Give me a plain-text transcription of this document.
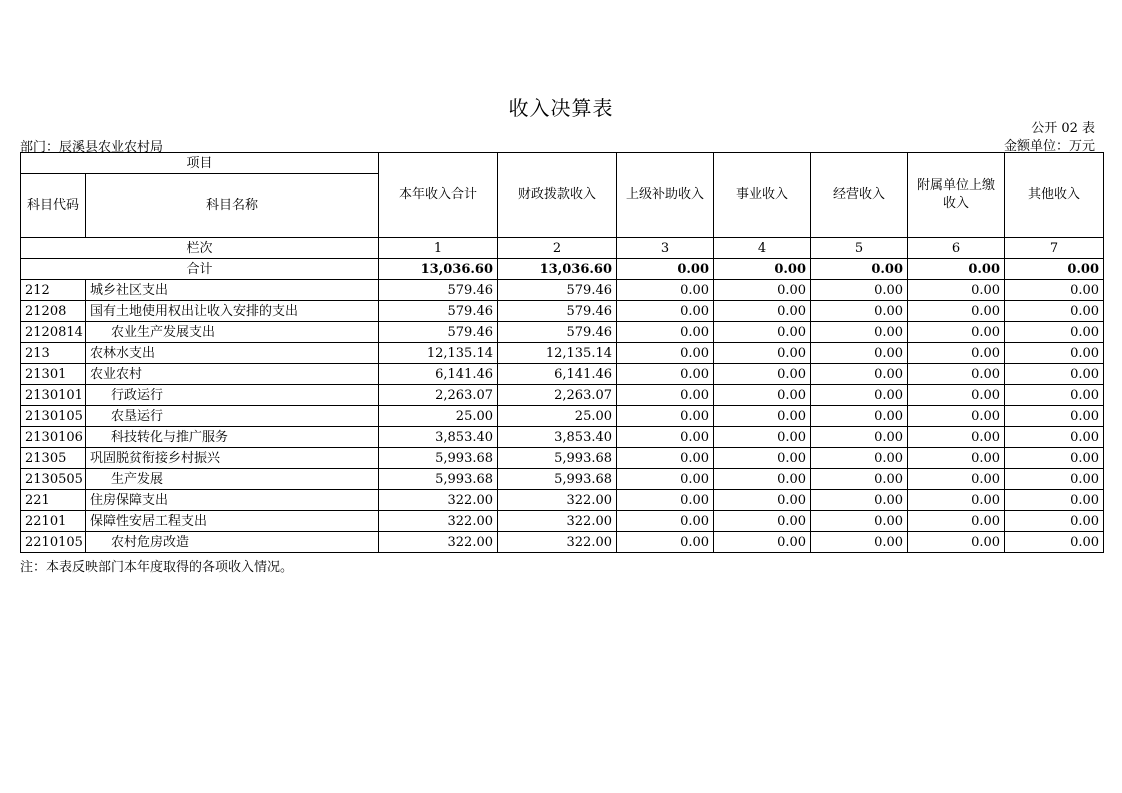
收入决算表
公开 02 表
部门：辰溪县农业农村局	金额单位：万元
项目		本年收入合计	财政拨款收入	上级补助收入	事业收入	经营收入	附属单位上缴收入	其他收入
科目代码	科目名称							
栏次		1	2	3	4	5	6	7
合计		13,036.60	13,036.60	0.00	0.00	0.00	0.00	0.00
212	城乡社区支出	579.46	579.46	0.00	0.00	0.00	0.00	0.00
21208	国有土地使用权出让收入安排的支出	579.46	579.46	0.00	0.00	0.00	0.00	0.00
2120814	农业生产发展支出	579.46	579.46	0.00	0.00	0.00	0.00	0.00
213	农林水支出	12,135.14	12,135.14	0.00	0.00	0.00	0.00	0.00
21301	农业农村	6,141.46	6,141.46	0.00	0.00	0.00	0.00	0.00
2130101	行政运行	2,263.07	2,263.07	0.00	0.00	0.00	0.00	0.00
2130105	农垦运行	25.00	25.00	0.00	0.00	0.00	0.00	0.00
2130106	科技转化与推广服务	3,853.40	3,853.40	0.00	0.00	0.00	0.00	0.00
21305	巩固脱贫衔接乡村振兴	5,993.68	5,993.68	0.00	0.00	0.00	0.00	0.00
2130505	生产发展	5,993.68	5,993.68	0.00	0.00	0.00	0.00	0.00
221	住房保障支出	322.00	322.00	0.00	0.00	0.00	0.00	0.00
22101	保障性安居工程支出	322.00	322.00	0.00	0.00	0.00	0.00	0.00
2210105	农村危房改造	322.00	322.00	0.00	0.00	0.00	0.00	0.00
注：本表反映部门本年度取得的各项收入情况。
